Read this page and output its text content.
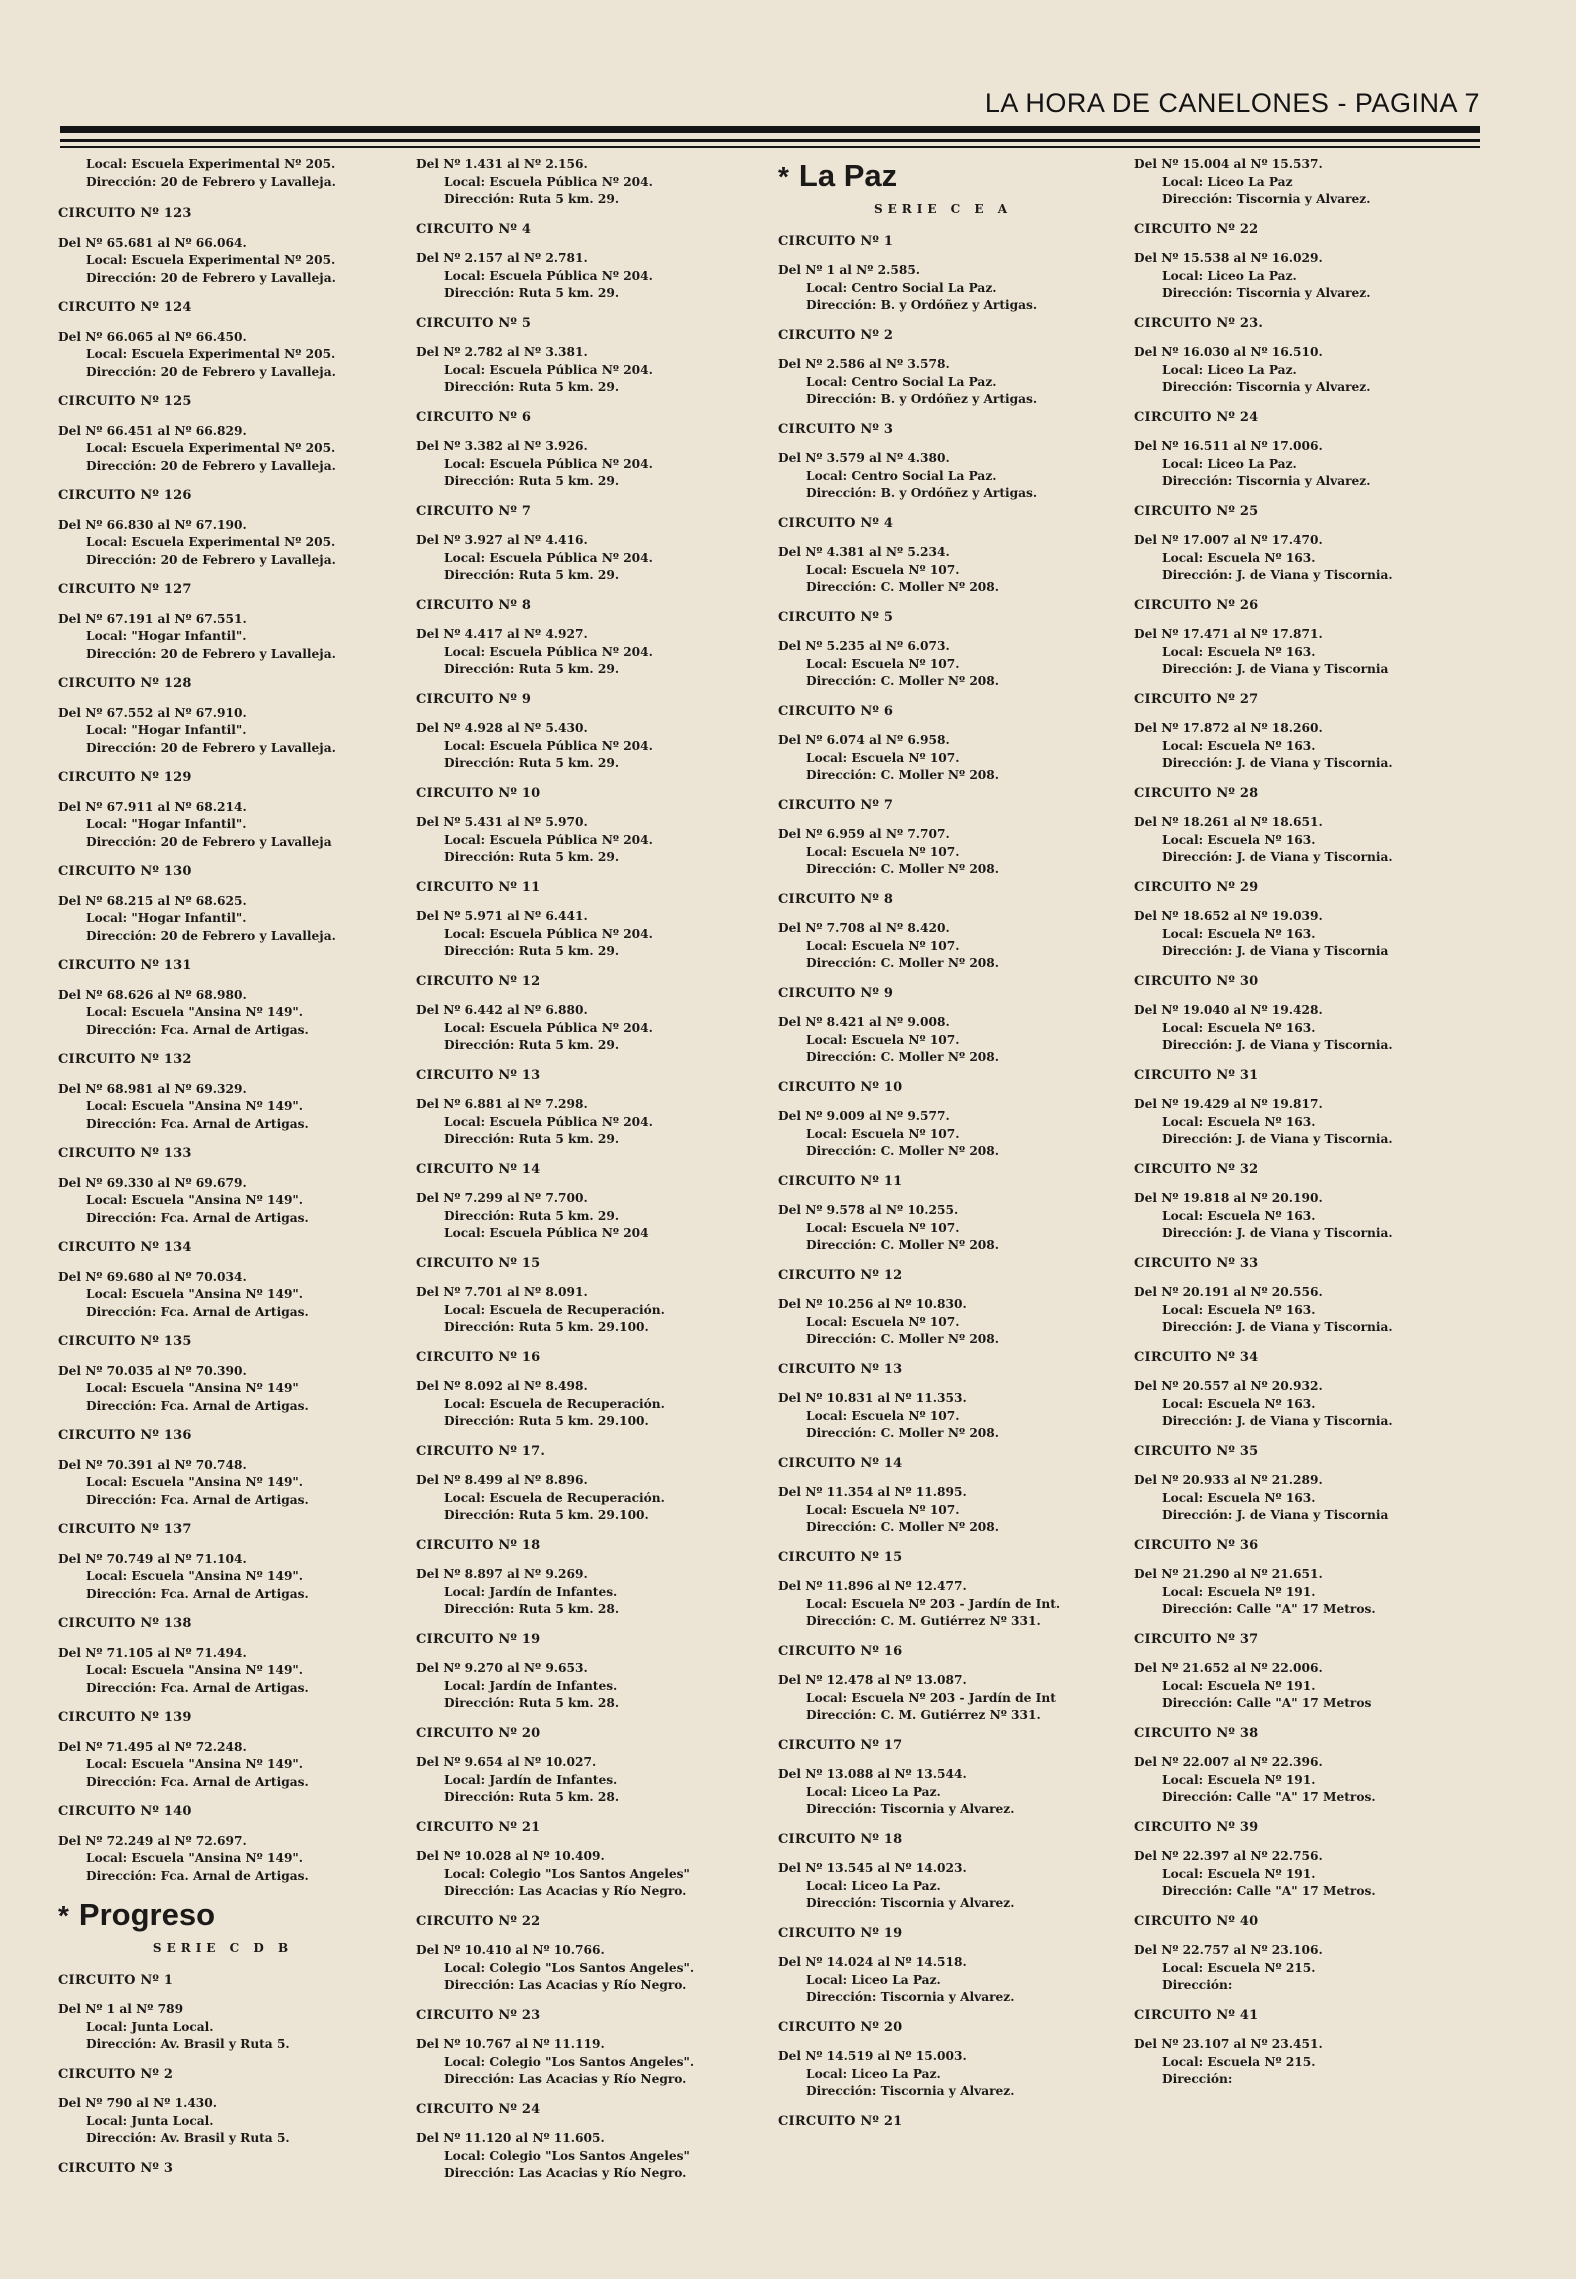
LA HORA DE CANELONES - PAGINA 7
Local: Escuela Experimental Nº 205.
Dirección: 20 de Febrero y Lavalleja.
CIRCUITO Nº 123
Del Nº 65.681 al Nº 66.064.
Local: Escuela Experimental Nº 205.
Dirección: 20 de Febrero y Lavalleja.
CIRCUITO Nº 124
Del Nº 66.065 al Nº 66.450.
Local: Escuela Experimental Nº 205.
Dirección: 20 de Febrero y Lavalleja.
CIRCUITO Nº 125
Del Nº 66.451 al Nº 66.829.
Local: Escuela Experimental Nº 205.
Dirección: 20 de Febrero y Lavalleja.
CIRCUITO Nº 126
Del Nº 66.830 al Nº 67.190.
Local: Escuela Experimental Nº 205.
Dirección: 20 de Febrero y Lavalleja.
CIRCUITO Nº 127
Del Nº 67.191 al Nº 67.551.
Local: "Hogar Infantil".
Dirección: 20 de Febrero y Lavalleja.
CIRCUITO Nº 128
Del Nº 67.552 al Nº 67.910.
Local: "Hogar Infantil".
Dirección: 20 de Febrero y Lavalleja.
CIRCUITO Nº 129
Del Nº 67.911 al Nº 68.214.
Local: "Hogar Infantil".
Dirección: 20 de Febrero y Lavalleja
CIRCUITO Nº 130
Del Nº 68.215 al Nº 68.625.
Local: "Hogar Infantil".
Dirección: 20 de Febrero y Lavalleja.
CIRCUITO Nº 131
Del Nº 68.626 al Nº 68.980.
Local: Escuela "Ansina Nº 149".
Dirección: Fca. Arnal de Artigas.
CIRCUITO Nº 132
Del Nº 68.981 al Nº 69.329.
Local: Escuela "Ansina Nº 149".
Dirección: Fca. Arnal de Artigas.
CIRCUITO Nº 133
Del Nº 69.330 al Nº 69.679.
Local: Escuela "Ansina Nº 149".
Dirección: Fca. Arnal de Artigas.
CIRCUITO Nº 134
Del Nº 69.680 al Nº 70.034.
Local: Escuela "Ansina Nº 149".
Dirección: Fca. Arnal de Artigas.
CIRCUITO Nº 135
Del Nº 70.035 al Nº 70.390.
Local: Escuela "Ansina Nº 149"
Dirección: Fca. Arnal de Artigas.
CIRCUITO Nº 136
Del Nº 70.391 al Nº 70.748.
Local: Escuela "Ansina Nº 149".
Dirección: Fca. Arnal de Artigas.
CIRCUITO Nº 137
Del Nº 70.749 al Nº 71.104.
Local: Escuela "Ansina Nº 149".
Dirección: Fca. Arnal de Artigas.
CIRCUITO Nº 138
Del Nº 71.105 al Nº 71.494.
Local: Escuela "Ansina Nº 149".
Dirección: Fca. Arnal de Artigas.
CIRCUITO Nº 139
Del Nº 71.495 al Nº 72.248.
Local: Escuela "Ansina Nº 149".
Dirección: Fca. Arnal de Artigas.
CIRCUITO Nº 140
Del Nº 72.249 al Nº 72.697.
Local: Escuela "Ansina Nº 149".
Dirección: Fca. Arnal de Artigas.
* Progreso
SERIE C D B
CIRCUITO Nº 1
Del Nº 1 al Nº 789
Local: Junta Local.
Dirección: Av. Brasil y Ruta 5.
CIRCUITO Nº 2
Del Nº 790 al Nº 1.430.
Local: Junta Local.
Dirección: Av. Brasil y Ruta 5.
CIRCUITO Nº 3
Del Nº 1.431 al Nº 2.156.
Local: Escuela Pública Nº 204.
Dirección: Ruta 5 km. 29.
CIRCUITO Nº 4
Del Nº 2.157 al Nº 2.781.
Local: Escuela Pública Nº 204.
Dirección: Ruta 5 km. 29.
CIRCUITO Nº 5
Del Nº 2.782 al Nº 3.381.
Local: Escuela Pública Nº 204.
Dirección: Ruta 5 km. 29.
CIRCUITO Nº 6
Del Nº 3.382 al Nº 3.926.
Local: Escuela Pública Nº 204.
Dirección: Ruta 5 km. 29.
CIRCUITO Nº 7
Del Nº 3.927 al Nº 4.416.
Local: Escuela Pública Nº 204.
Dirección: Ruta 5 km. 29.
CIRCUITO Nº 8
Del Nº 4.417 al Nº 4.927.
Local: Escuela Pública Nº 204.
Dirección: Ruta 5 km. 29.
CIRCUITO Nº 9
Del Nº 4.928 al Nº 5.430.
Local: Escuela Pública Nº 204.
Dirección: Ruta 5 km. 29.
CIRCUITO Nº 10
Del Nº 5.431 al Nº 5.970.
Local: Escuela Pública Nº 204.
Dirección: Ruta 5 km. 29.
CIRCUITO Nº 11
Del Nº 5.971 al Nº 6.441.
Local: Escuela Pública Nº 204.
Dirección: Ruta 5 km. 29.
CIRCUITO Nº 12
Del Nº 6.442 al Nº 6.880.
Local: Escuela Pública Nº 204.
Dirección: Ruta 5 km. 29.
CIRCUITO Nº 13
Del Nº 6.881 al Nº 7.298.
Local: Escuela Pública Nº 204.
Dirección: Ruta 5 km. 29.
CIRCUITO Nº 14
Del Nº 7.299 al Nº 7.700.
Dirección: Ruta 5 km. 29.
Local: Escuela Pública Nº 204
CIRCUITO Nº 15
Del Nº 7.701 al Nº 8.091.
Local: Escuela de Recuperación.
Dirección: Ruta 5 km. 29.100.
CIRCUITO Nº 16
Del Nº 8.092 al Nº 8.498.
Local: Escuela de Recuperación.
Dirección: Ruta 5 km. 29.100.
CIRCUITO Nº 17.
Del Nº 8.499 al Nº 8.896.
Local: Escuela de Recuperación.
Dirección: Ruta 5 km. 29.100.
CIRCUITO Nº 18
Del Nº 8.897 al Nº 9.269.
Local: Jardín de Infantes.
Dirección: Ruta 5 km. 28.
CIRCUITO Nº 19
Del Nº 9.270 al Nº 9.653.
Local: Jardín de Infantes.
Dirección: Ruta 5 km. 28.
CIRCUITO Nº 20
Del Nº 9.654 al Nº 10.027.
Local: Jardín de Infantes.
Dirección: Ruta 5 km. 28.
CIRCUITO Nº 21
Del Nº 10.028 al Nº 10.409.
Local: Colegio "Los Santos Angeles"
Dirección: Las Acacias y Río Negro.
CIRCUITO Nº 22
Del Nº 10.410 al Nº 10.766.
Local: Colegio "Los Santos Angeles".
Dirección: Las Acacias y Río Negro.
CIRCUITO Nº 23
Del Nº 10.767 al Nº 11.119.
Local: Colegio "Los Santos Angeles".
Dirección: Las Acacias y Río Negro.
CIRCUITO Nº 24
Del Nº 11.120 al Nº 11.605.
Local: Colegio "Los Santos Angeles"
Dirección: Las Acacias y Río Negro.
* La Paz
SERIE C E A
CIRCUITO Nº 1
Del Nº 1 al Nº 2.585.
Local: Centro Social La Paz.
Dirección: B. y Ordóñez y Artigas.
CIRCUITO Nº 2
Del Nº 2.586 al Nº 3.578.
Local: Centro Social La Paz.
Dirección: B. y Ordóñez y Artigas.
CIRCUITO Nº 3
Del Nº 3.579 al Nº 4.380.
Local: Centro Social La Paz.
Dirección: B. y Ordóñez y Artigas.
CIRCUITO Nº 4
Del Nº 4.381 al Nº 5.234.
Local: Escuela Nº 107.
Dirección: C. Moller Nº 208.
CIRCUITO Nº 5
Del Nº 5.235 al Nº 6.073.
Local: Escuela Nº 107.
Dirección: C. Moller Nº 208.
CIRCUITO Nº 6
Del Nº 6.074 al Nº 6.958.
Local: Escuela Nº 107.
Dirección: C. Moller Nº 208.
CIRCUITO Nº 7
Del Nº 6.959 al Nº 7.707.
Local: Escuela Nº 107.
Dirección: C. Moller Nº 208.
CIRCUITO Nº 8
Del Nº 7.708 al Nº 8.420.
Local: Escuela Nº 107.
Dirección: C. Moller Nº 208.
CIRCUITO Nº 9
Del Nº 8.421 al Nº 9.008.
Local: Escuela Nº 107.
Dirección: C. Moller Nº 208.
CIRCUITO Nº 10
Del Nº 9.009 al Nº 9.577.
Local: Escuela Nº 107.
Dirección: C. Moller Nº 208.
CIRCUITO Nº 11
Del Nº 9.578 al Nº 10.255.
Local: Escuela Nº 107.
Dirección: C. Moller Nº 208.
CIRCUITO Nº 12
Del Nº 10.256 al Nº 10.830.
Local: Escuela Nº 107.
Dirección: C. Moller Nº 208.
CIRCUITO Nº 13
Del Nº 10.831 al Nº 11.353.
Local: Escuela Nº 107.
Dirección: C. Moller Nº 208.
CIRCUITO Nº 14
Del Nº 11.354 al Nº 11.895.
Local: Escuela Nº 107.
Dirección: C. Moller Nº 208.
CIRCUITO Nº 15
Del Nº 11.896 al Nº 12.477.
Local: Escuela Nº 203 - Jardín de Int.
Dirección: C. M. Gutiérrez Nº 331.
CIRCUITO Nº 16
Del Nº 12.478 al Nº 13.087.
Local: Escuela Nº 203 - Jardín de Int
Dirección: C. M. Gutiérrez Nº 331.
CIRCUITO Nº 17
Del Nº 13.088 al Nº 13.544.
Local: Liceo La Paz.
Dirección: Tiscornia y Alvarez.
CIRCUITO Nº 18
Del Nº 13.545 al Nº 14.023.
Local: Liceo La Paz.
Dirección: Tiscornia y Alvarez.
CIRCUITO Nº 19
Del Nº 14.024 al Nº 14.518.
Local: Liceo La Paz.
Dirección: Tiscornia y Alvarez.
CIRCUITO Nº 20
Del Nº 14.519 al Nº 15.003.
Local: Liceo La Paz.
Dirección: Tiscornia y Alvarez.
CIRCUITO Nº 21
Del Nº 15.004 al Nº 15.537.
Local: Liceo La Paz
Dirección: Tiscornia y Alvarez.
CIRCUITO Nº 22
Del Nº 15.538 al Nº 16.029.
Local: Liceo La Paz.
Dirección: Tiscornia y Alvarez.
CIRCUITO Nº 23.
Del Nº 16.030 al Nº 16.510.
Local: Liceo La Paz.
Dirección: Tiscornia y Alvarez.
CIRCUITO Nº 24
Del Nº 16.511 al Nº 17.006.
Local: Liceo La Paz.
Dirección: Tiscornia y Alvarez.
CIRCUITO Nº 25
Del Nº 17.007 al Nº 17.470.
Local: Escuela Nº 163.
Dirección: J. de Viana y Tiscornia.
CIRCUITO Nº 26
Del Nº 17.471 al Nº 17.871.
Local: Escuela Nº 163.
Dirección: J. de Viana y Tiscornia
CIRCUITO Nº 27
Del Nº 17.872 al Nº 18.260.
Local: Escuela Nº 163.
Dirección: J. de Viana y Tiscornia.
CIRCUITO Nº 28
Del Nº 18.261 al Nº 18.651.
Local: Escuela Nº 163.
Dirección: J. de Viana y Tiscornia.
CIRCUITO Nº 29
Del Nº 18.652 al Nº 19.039.
Local: Escuela Nº 163.
Dirección: J. de Viana y Tiscornia
CIRCUITO Nº 30
Del Nº 19.040 al Nº 19.428.
Local: Escuela Nº 163.
Dirección: J. de Viana y Tiscornia.
CIRCUITO Nº 31
Del Nº 19.429 al Nº 19.817.
Local: Escuela Nº 163.
Dirección: J. de Viana y Tiscornia.
CIRCUITO Nº 32
Del Nº 19.818 al Nº 20.190.
Local: Escuela Nº 163.
Dirección: J. de Viana y Tiscornia.
CIRCUITO Nº 33
Del Nº 20.191 al Nº 20.556.
Local: Escuela Nº 163.
Dirección: J. de Viana y Tiscornia.
CIRCUITO Nº 34
Del Nº 20.557 al Nº 20.932.
Local: Escuela Nº 163.
Dirección: J. de Viana y Tiscornia.
CIRCUITO Nº 35
Del Nº 20.933 al Nº 21.289.
Local: Escuela Nº 163.
Dirección: J. de Viana y Tiscornia
CIRCUITO Nº 36
Del Nº 21.290 al Nº 21.651.
Local: Escuela Nº 191.
Dirección: Calle "A" 17 Metros.
CIRCUITO Nº 37
Del Nº 21.652 al Nº 22.006.
Local: Escuela Nº 191.
Dirección: Calle "A" 17 Metros
CIRCUITO Nº 38
Del Nº 22.007 al Nº 22.396.
Local: Escuela Nº 191.
Dirección: Calle "A" 17 Metros.
CIRCUITO Nº 39
Del Nº 22.397 al Nº 22.756.
Local: Escuela Nº 191.
Dirección: Calle "A" 17 Metros.
CIRCUITO Nº 40
Del Nº 22.757 al Nº 23.106.
Local: Escuela Nº 215.
Dirección:
CIRCUITO Nº 41
Del Nº 23.107 al Nº 23.451.
Local: Escuela Nº 215.
Dirección:
